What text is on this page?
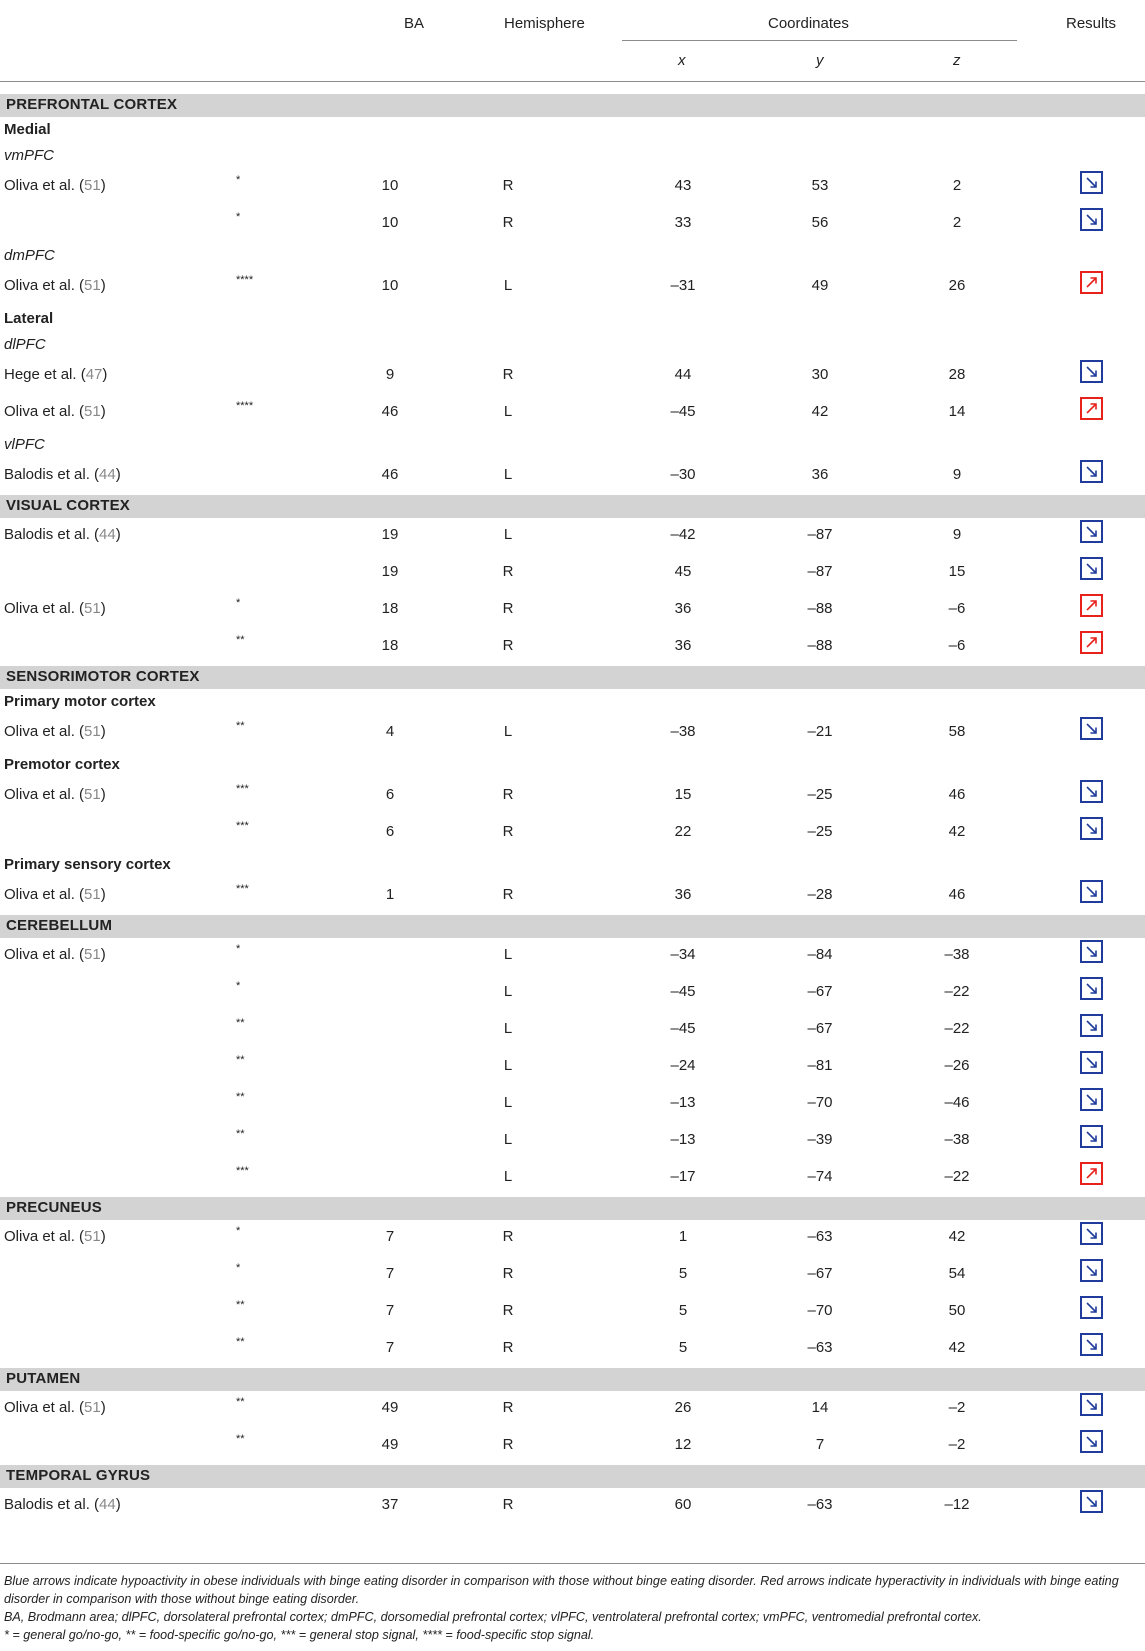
BA	Hemisphere	Coordinates	Results
x	y	z
PREFRONTAL CORTEX
Medial
vmPFC
Oliva et al. (51)	*	10	R	43	53	2
*	10	R	33	56	2
dmPFC
Oliva et al. (51)	****	10	L	–31	49	26
Lateral
dlPFC
Hege et al. (47)	9	R	44	30	28
Oliva et al. (51)	****	46	L	–45	42	14
vlPFC
Balodis et al. (44)	46	L	–30	36	9
VISUAL CORTEX
Balodis et al. (44)	19	L	–42	–87	9
19	R	45	–87	15
Oliva et al. (51)	*	18	R	36	–88	–6
**	18	R	36	–88	–6
SENSORIMOTOR CORTEX
Primary motor cortex
Oliva et al. (51)	**	4	L	–38	–21	58
Premotor cortex
Oliva et al. (51)	***	6	R	15	–25	46
***	6	R	22	–25	42
Primary sensory cortex
Oliva et al. (51)	***	1	R	36	–28	46
CEREBELLUM
Oliva et al. (51)	*	L	–34	–84	–38
*	L	–45	–67	–22
**	L	–45	–67	–22
**	L	–24	–81	–26
**	L	–13	–70	–46
**	L	–13	–39	–38
***	L	–17	–74	–22
PRECUNEUS
Oliva et al. (51)	*	7	R	1	–63	42
*	7	R	5	–67	54
**	7	R	5	–70	50
**	7	R	5	–63	42
PUTAMEN
Oliva et al. (51)	**	49	R	26	14	–2
**	49	R	12	7	–2
TEMPORAL GYRUS
Balodis et al. (44)	37	R	60	–63	–12

Blue arrows indicate hypoactivity in obese individuals with binge eating disorder in comparison with those without binge eating disorder. Red arrows indicate hyperactivity in individuals with binge eating disorder in comparison with those without binge eating disorder.

BA, Brodmann area; dlPFC, dorsolateral prefrontal cortex; dmPFC, dorsomedial prefrontal cortex; vlPFC, ventrolateral prefrontal cortex; vmPFC, ventromedial prefrontal cortex.

* = general go/no-go, ** = food-specific go/no-go, *** = general stop signal, **** = food-specific stop signal.
